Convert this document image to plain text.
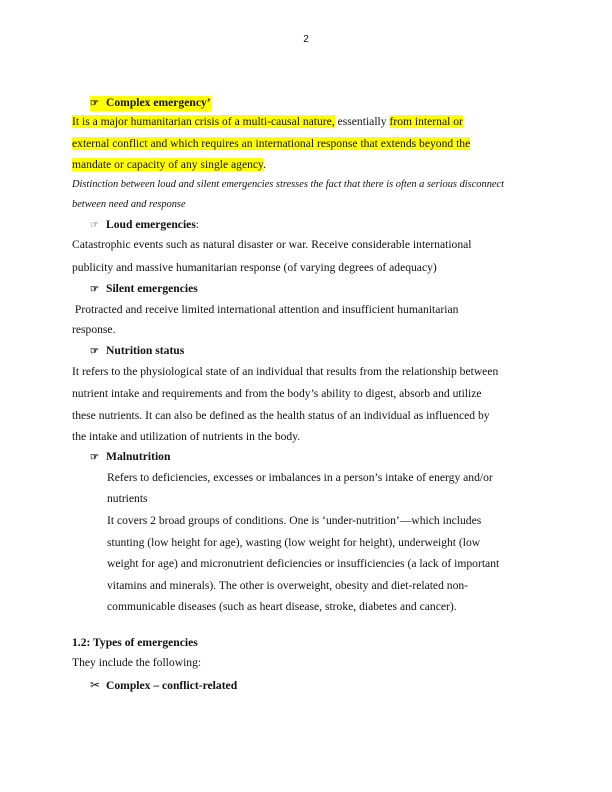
2
☞ Complex emergency’
It is a major humanitarian crisis of a multi-causal nature, essentially from internal or
external conflict and which requires an international response that extends beyond the
mandate or capacity of any single agency.
Distinction between loud and silent emergencies stresses the fact that there is often a serious disconnect
between need and response
☞ Loud emergencies:
Catastrophic events such as natural disaster or war. Receive considerable international
publicity and massive humanitarian response (of varying degrees of adequacy)
☞ Silent emergencies
Protracted and receive limited international attention and insufficient humanitarian
response.
☞ Nutrition status
It refers to the physiological state of an individual that results from the relationship between
nutrient intake and requirements and from the body’s ability to digest, absorb and utilize
these nutrients. It can also be defined as the health status of an individual as influenced by
the intake and utilization of nutrients in the body.
☞ Malnutrition
Refers to deficiencies, excesses or imbalances in a person’s intake of energy and/or
nutrients
It covers 2 broad groups of conditions. One is ‘under-nutrition’—which includes
stunting (low height for age), wasting (low weight for height), underweight (low
weight for age) and micronutrient deficiencies or insufficiencies (a lack of important
vitamins and minerals). The other is overweight, obesity and diet-related non-
communicable diseases (such as heart disease, stroke, diabetes and cancer).
1.2: Types of emergencies
They include the following:
✂ Complex – conflict-related
